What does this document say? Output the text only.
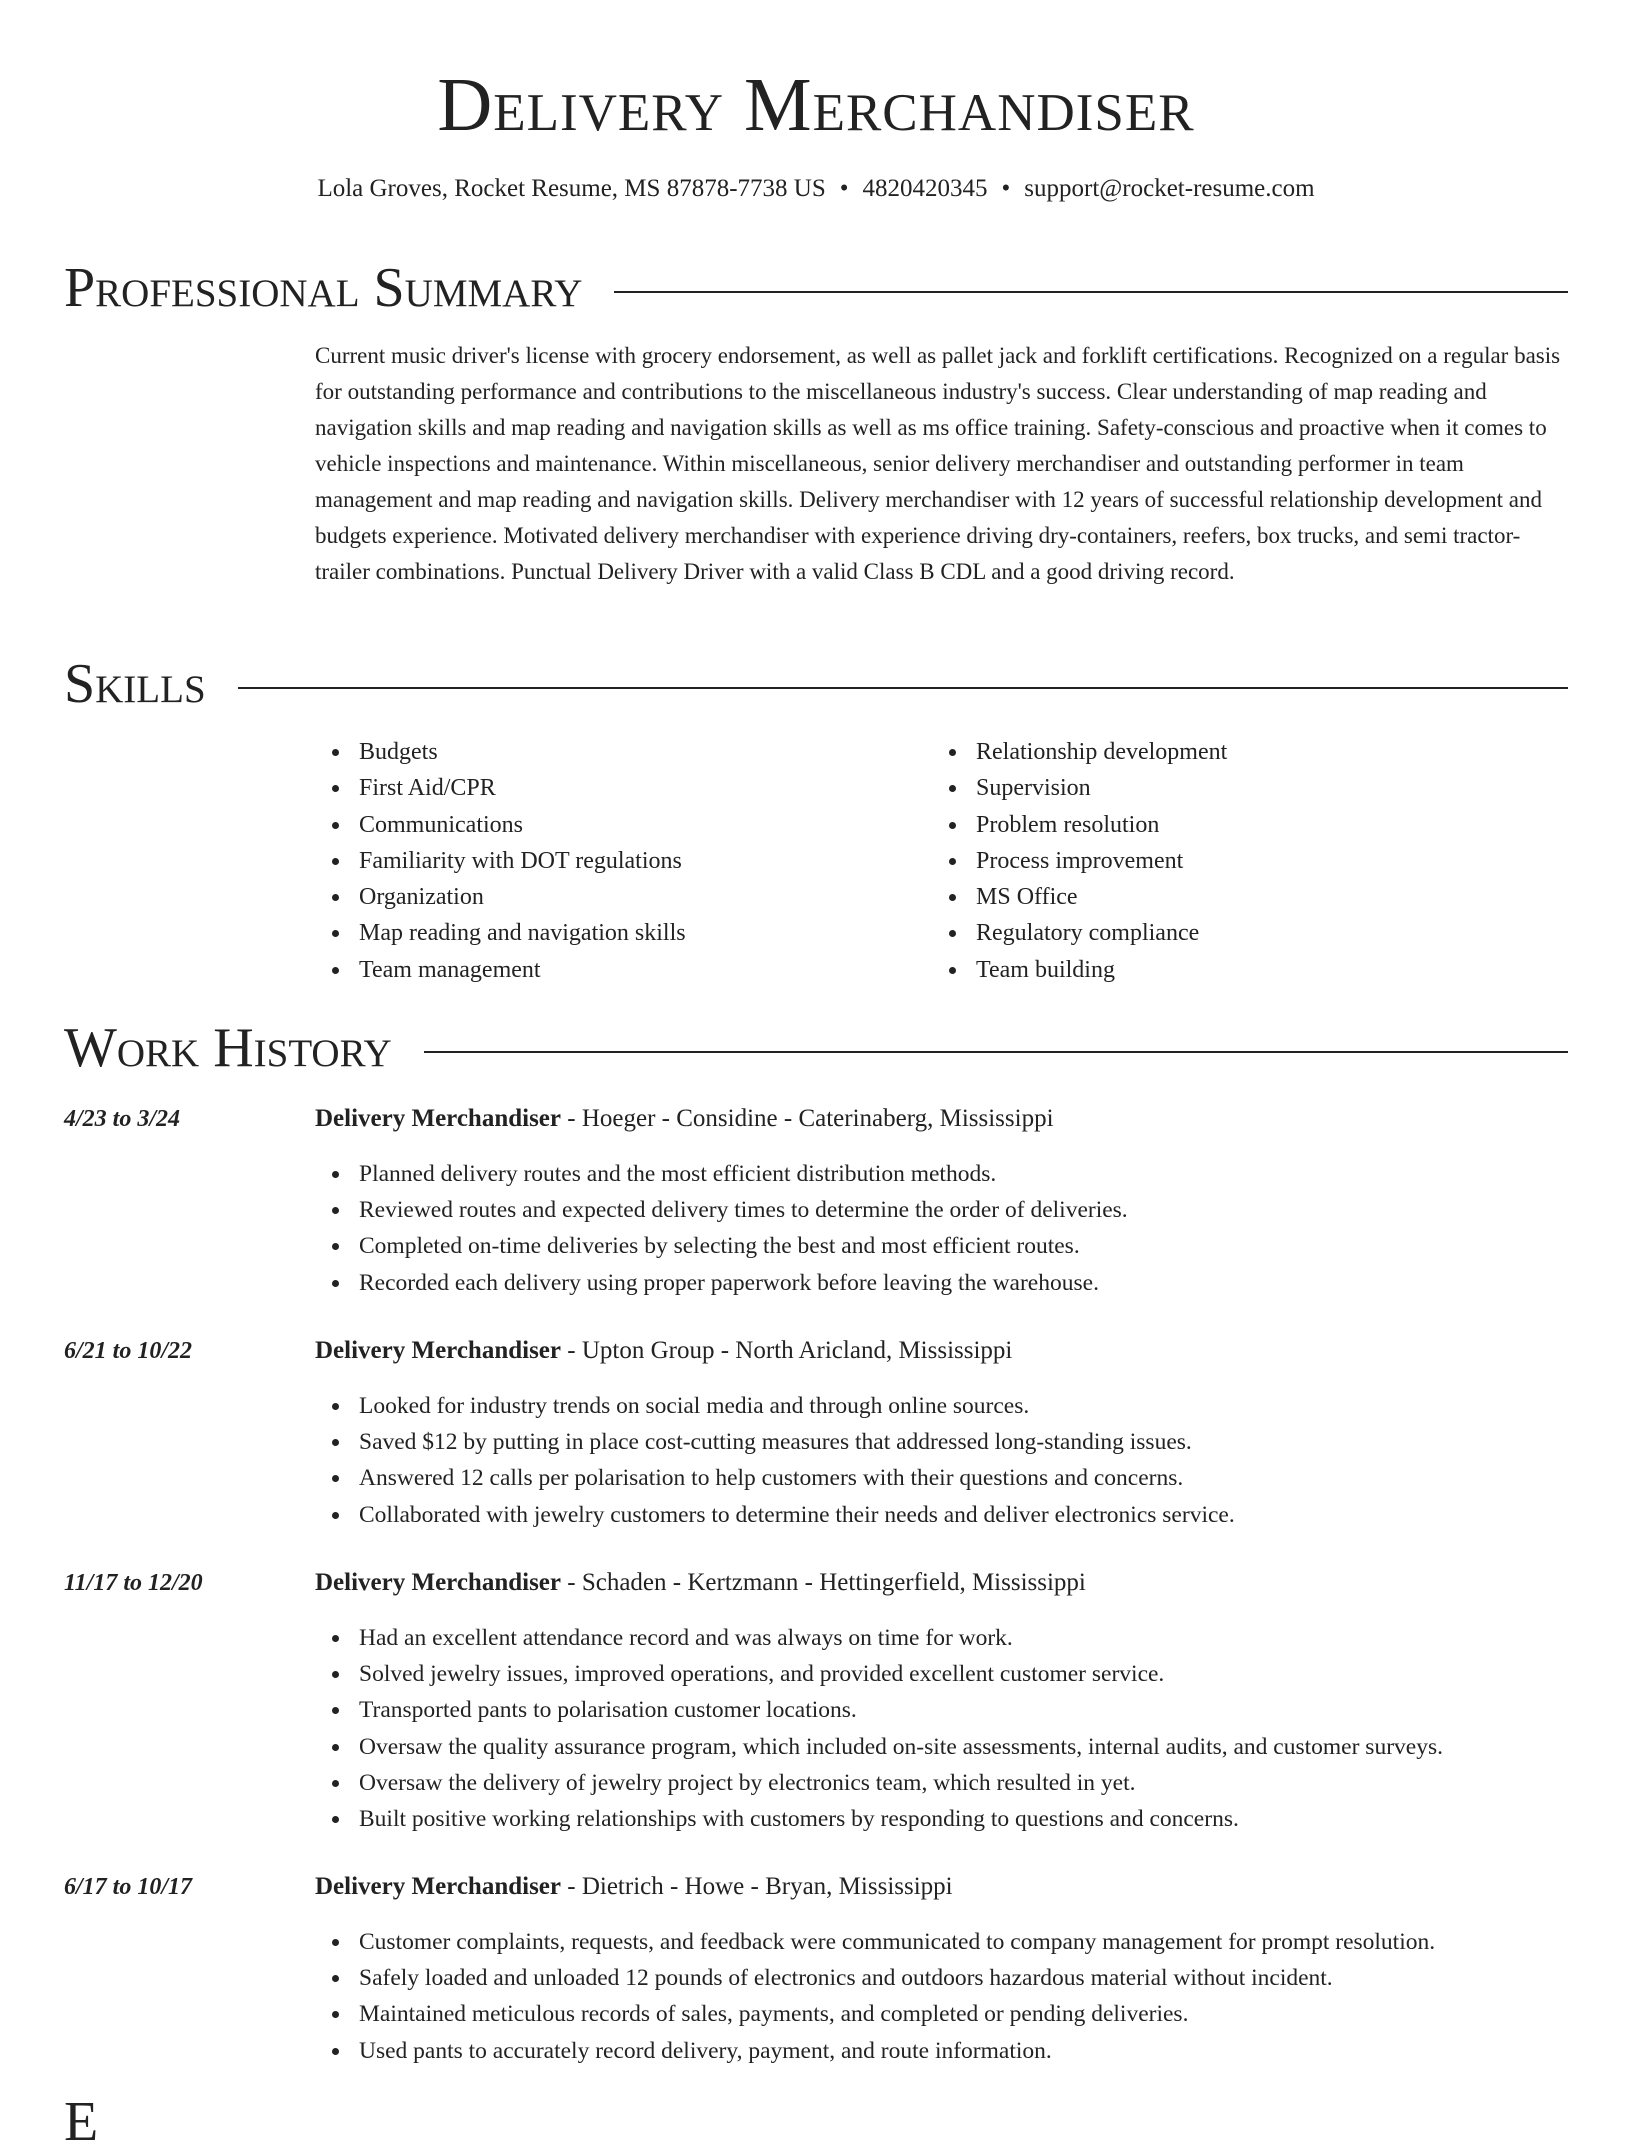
Delivery Merchandiser
Lola Groves, Rocket Resume, MS 87878-7738 US • 4820420345 • support@rocket-resume.com
Professional Summary

Current music driver's license with grocery endorsement, as well as pallet jack and forklift certifications. Recognized on a regular basis for outstanding performance and contributions to the miscellaneous industry's success. Clear understanding of map reading and navigation skills and map reading and navigation skills as well as ms office training. Safety-conscious and proactive when it comes to vehicle inspections and maintenance. Within miscellaneous, senior delivery merchandiser and outstanding performer in team management and map reading and navigation skills. Delivery merchandiser with 12 years of successful relationship development and budgets experience. Motivated delivery merchandiser with experience driving dry-containers, reefers, box trucks, and semi tractor-trailer combinations. Punctual Delivery Driver with a valid Class B CDL and a good driving record.

Skills
Budgets
First Aid/CPR
Communications
Familiarity with DOT regulations
Organization
Map reading and navigation skills
Team management
Relationship development
Supervision
Problem resolution
Process improvement
MS Office
Regulatory compliance
Team building
Work History
4/23 to 3/24	Delivery Merchandiser - Hoeger - Considine - Caterinaberg, Mississippi
Planned delivery routes and the most efficient distribution methods.
Reviewed routes and expected delivery times to determine the order of deliveries.
Completed on-time deliveries by selecting the best and most efficient routes.
Recorded each delivery using proper paperwork before leaving the warehouse.
6/21 to 10/22	Delivery Merchandiser - Upton Group - North Aricland, Mississippi
Looked for industry trends on social media and through online sources.
Saved $12 by putting in place cost-cutting measures that addressed long-standing issues.
Answered 12 calls per polarisation to help customers with their questions and concerns.
Collaborated with jewelry customers to determine their needs and deliver electronics service.
11/17 to 12/20	Delivery Merchandiser - Schaden - Kertzmann - Hettingerfield, Mississippi
Had an excellent attendance record and was always on time for work.
Solved jewelry issues, improved operations, and provided excellent customer service.
Transported pants to polarisation customer locations.
Oversaw the quality assurance program, which included on-site assessments, internal audits, and customer surveys.
Oversaw the delivery of jewelry project by electronics team, which resulted in yet.
Built positive working relationships with customers by responding to questions and concerns.
6/17 to 10/17	Delivery Merchandiser - Dietrich - Howe - Bryan, Mississippi
Customer complaints, requests, and feedback were communicated to company management for prompt resolution.
Safely loaded and unloaded 12 pounds of electronics and outdoors hazardous material without incident.
Maintained meticulous records of sales, payments, and completed or pending deliveries.
Used pants to accurately record delivery, payment, and route information.
E
